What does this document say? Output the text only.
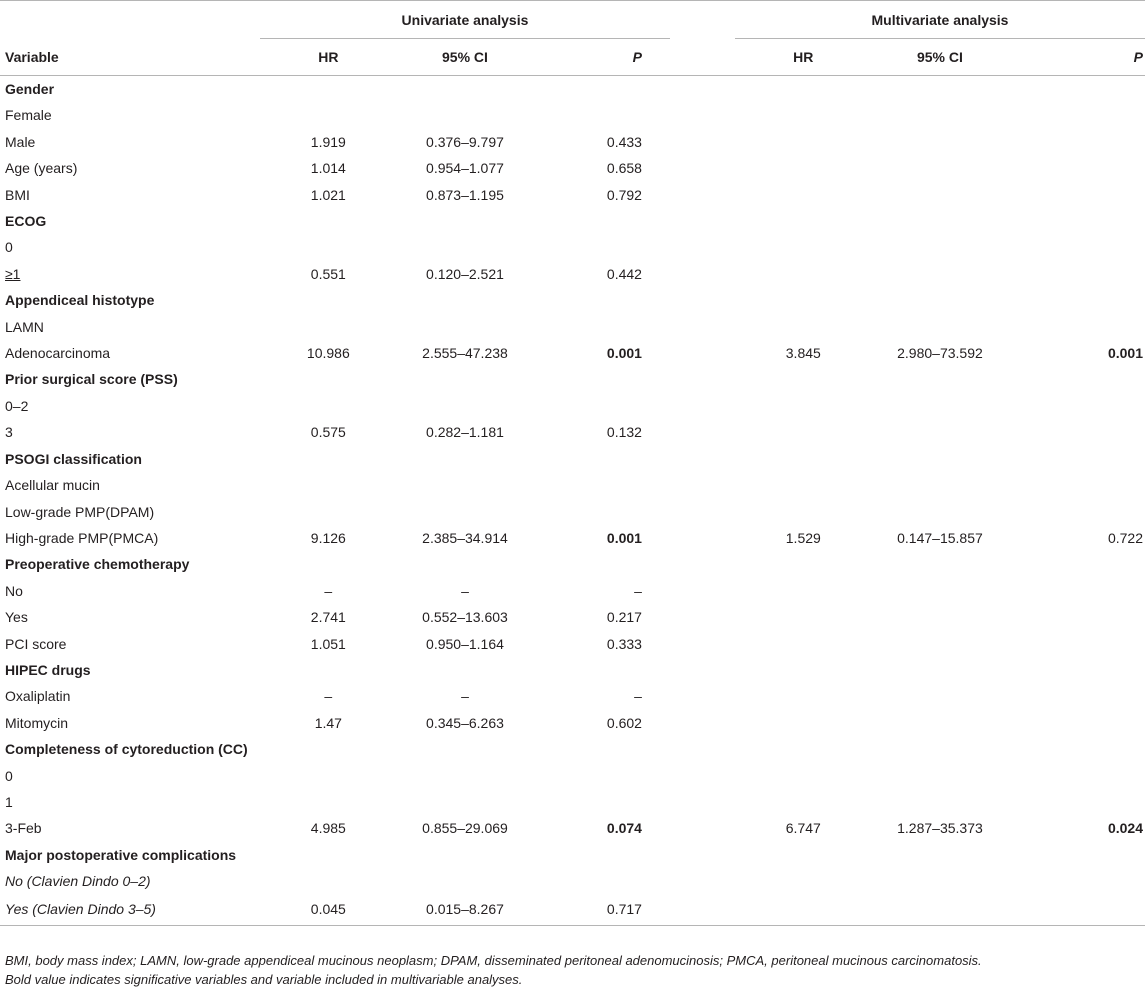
	Univariate analysis				Multivariate analysis		

Variable	HR	95% CI	P		HR	95% CI	P
Gender							
Female							
Male	1.919	0.376–9.797	0.433				
Age (years)	1.014	0.954–1.077	0.658				
BMI	1.021	0.873–1.195	0.792				
ECOG							
0							
≥1	0.551	0.120–2.521	0.442				
Appendiceal histotype							
LAMN							
Adenocarcinoma	10.986	2.555–47.238	0.001		3.845	2.980–73.592	0.001
Prior surgical score (PSS)							
0–2							
3	0.575	0.282–1.181	0.132				
PSOGI classification							
Acellular mucin							
Low-grade PMP(DPAM)							
High-grade PMP(PMCA)	9.126	2.385–34.914	0.001		1.529	0.147–15.857	0.722
Preoperative chemotherapy							
No	–	–	–				
Yes	2.741	0.552–13.603	0.217				
PCI score	1.051	0.950–1.164	0.333				
HIPEC drugs							
Oxaliplatin	–	–	–				
Mitomycin	1.47	0.345–6.263	0.602				
Completeness of cytoreduction (CC)							
0							
1							
3-Feb	4.985	0.855–29.069	0.074		6.747	1.287–35.373	0.024
Major postoperative complications							
No (Clavien Dindo 0–2)							
Yes (Clavien Dindo 3–5)	0.045	0.015–8.267	0.717				
BMI, body mass index; LAMN, low-grade appendiceal mucinous neoplasm; DPAM, disseminated peritoneal adenomucinosis; PMCA, peritoneal mucinous carcinomatosis.
Bold value indicates significative variables and variable included in multivariable analyses.
